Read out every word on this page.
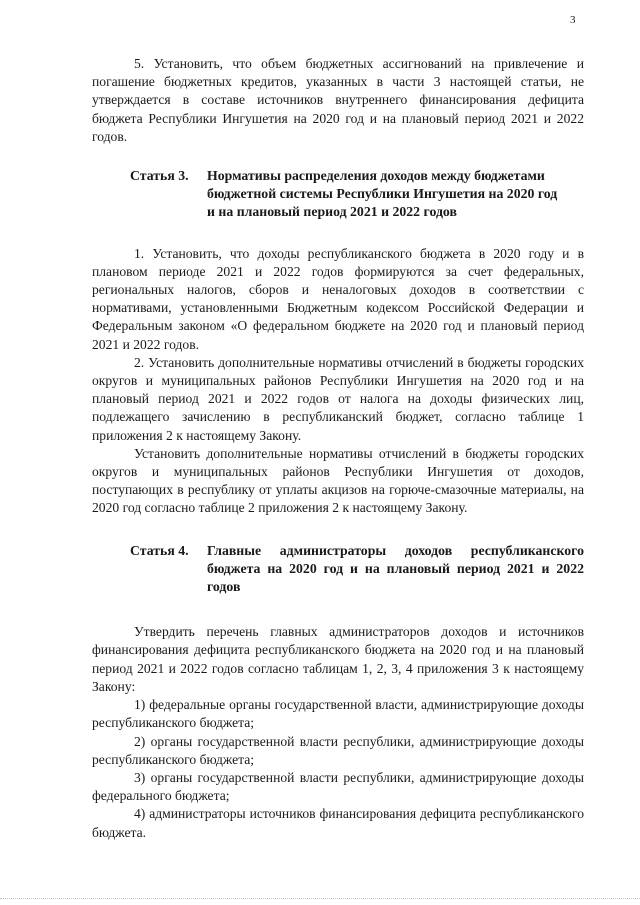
3

5. Установить, что объем бюджетных ассигнований на привлечение и погашение бюджетных кредитов, указанных в части 3 настоящей статьи, не утверждается в составе источников внутреннего финансирования дефицита бюджета Республики Ингушетия на 2020 год и на плановый период 2021 и 2022 годов.

Статья 3.	Нормативы распределения доходов между бюджетами бюджетной системы Республики Ингушетия на 2020 год и на плановый период 2021 и 2022 годов

1. Установить, что доходы республиканского бюджета в 2020 году и в плановом периоде 2021 и 2022 годов формируются за счет федеральных, региональных налогов, сборов и неналоговых доходов в соответствии с нормативами, установленными Бюджетным кодексом Российской Федерации и Федеральным законом «О федеральном бюджете на 2020 год и плановый период 2021 и 2022 годов.

2. Установить дополнительные нормативы отчислений в бюджеты городских округов и муниципальных районов Республики Ингушетия на 2020 год и на плановый период 2021 и 2022 годов от налога на доходы физических лиц, подлежащего зачислению в республиканский бюджет, согласно таблице 1 приложения 2 к настоящему Закону.

Установить дополнительные нормативы отчислений в бюджеты городских округов и муниципальных районов Республики Ингушетия от доходов, поступающих в республику от уплаты акцизов на горюче-смазочные материалы, на 2020 год согласно таблице 2 приложения 2 к настоящему Закону.

Статья 4.	Главные администраторы доходов республиканского бюджета на 2020 год и на плановый период 2021 и 2022 годов

Утвердить перечень главных администраторов доходов и источников финансирования дефицита республиканского бюджета на 2020 год и на плановый период 2021 и 2022 годов согласно таблицам 1, 2, 3, 4 приложения 3 к настоящему Закону:

1) федеральные органы государственной власти, администрирующие доходы республиканского бюджета;

2) органы государственной власти республики, администрирующие доходы республиканского бюджета;

3) органы государственной власти республики, администрирующие доходы федерального бюджета;

4) администраторы источников финансирования дефицита республиканского бюджета.
